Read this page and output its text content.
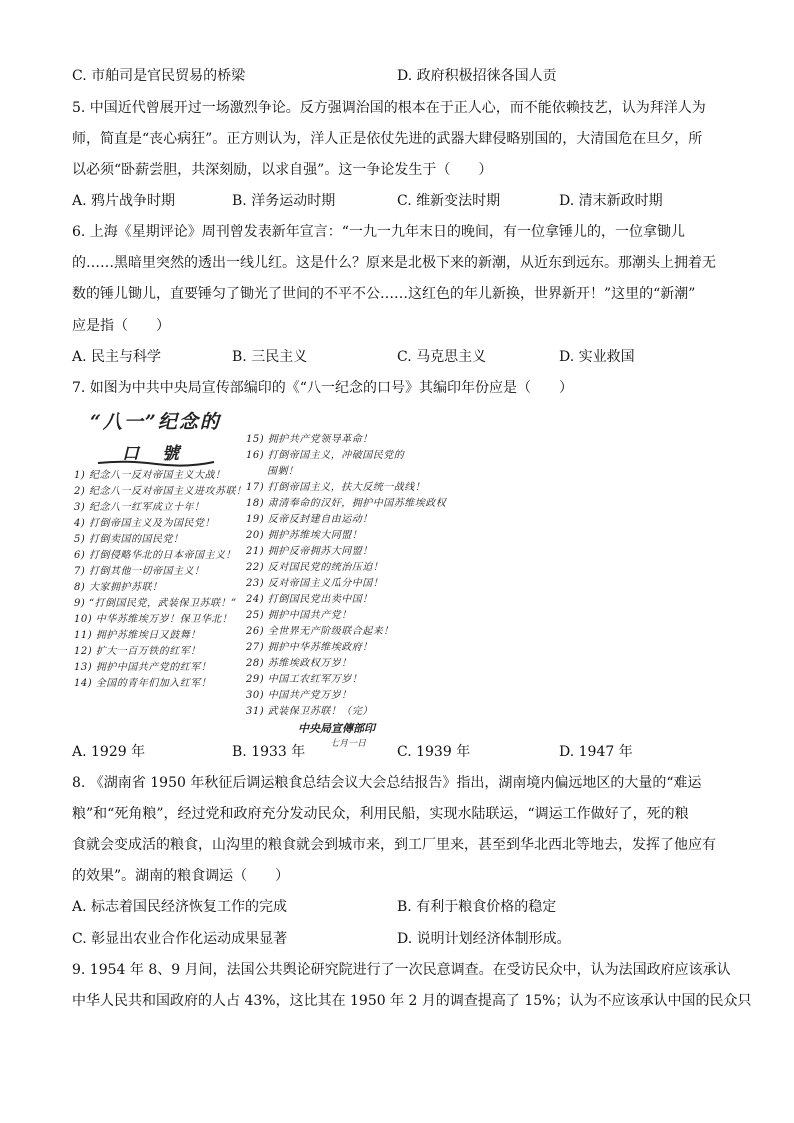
C. 市舶司是官民贸易的桥梁	D. 政府积极招徕各国人贡
5. 中国近代曾展开过一场激烈争论。反方强调治国的根本在于正人心，而不能依赖技艺，认为拜洋人为
师，简直是“丧心病狂”。正方则认为，洋人正是依仗先进的武器大肆侵略别国的，大清国危在旦夕，所
以必须“卧薪尝胆，共深刻励，以求自强”。这一争论发生于（　　）
A. 鸦片战争时期	B. 洋务运动时期	C. 维新变法时期	D. 清末新政时期
6. 上海《星期评论》周刊曾发表新年宣言：“一九一九年末日的晚间，有一位拿锤儿的，一位拿锄儿
的……黑暗里突然的透出一线儿红。这是什么？原来是北极下来的新潮，从近东到远东。那潮头上拥着无
数的锤儿锄儿，直要锤匀了锄光了世间的不平不公……这红色的年儿新换，世界新开！”这里的“新潮”
应是指（　　）
A. 民主与科学	B. 三民主义	C. 马克思主义	D. 实业救国
7. 如图为中共中央局宣传部编印的《“八一纪念的口号》其编印年份应是（　　）
“八一”纪念的
口　號
1) 纪念八一反对帝国主义大战！
2) 纪念八一反对帝国主义进攻苏联！
3) 纪念八一红军成立十年！
4) 打倒帝国主义及为国民党！
5) 打倒卖国的国民党！
6) 打倒侵略华北的日本帝国主义！
7) 打倒其他一切帝国主义！
8) 大家拥护苏联！
9) “打倒国民党，武装保卫苏联！”
10) 中华苏维埃万岁！保卫华北！
11) 拥护苏维埃日又鼓舞！
12) 扩大一百万铁的红军！
13) 拥护中国共产党的红军！
14) 全国的青年们加入红军！
15) 拥护共产党领导革命！
16) 打倒帝国主义，冲破国民党的
　　围剿！
17) 打倒帝国主义，扶大反统一战线！
18) 肃清奉命的汉奸，拥护中国苏维埃政权
19) 反帝反封建自由运动！
20) 拥护苏维埃大同盟！
21) 拥护反帝拥苏大同盟！
22) 反对国民党的统治压迫！
23) 反对帝国主义瓜分中国！
24) 打倒国民党出卖中国！
25) 拥护中国共产党！
26) 全世界无产阶级联合起来！
27) 拥护中华苏维埃政府！
28) 苏维埃政权万岁！
29) 中国工农红军万岁！
30) 中国共产党万岁！
31) 武装保卫苏联！（完）
中央局宣傳部印
七月一日
A. 1929 年	B. 1933 年	C. 1939 年	D. 1947 年
8. 《湖南省 1950 年秋征后调运粮食总结会议大会总结报告》指出，湖南境内偏远地区的大量的“难运
粮”和“死角粮”，经过党和政府充分发动民众，利用民船，实现水陆联运，“调运工作做好了，死的粮
食就会变成活的粮食，山沟里的粮食就会到城市来，到工厂里来，甚至到华北西北等地去，发挥了他应有
的效果”。湖南的粮食调运（　　）
A. 标志着国民经济恢复工作的完成	B. 有利于粮食价格的稳定
C. 彰显出农业合作化运动成果显著	D. 说明计划经济体制形成。
9. 1954 年 8、9 月间，法国公共舆论研究院进行了一次民意调查。在受访民众中，认为法国政府应该承认
中华人民共和国政府的人占 43%，这比其在 1950 年 2 月的调查提高了 15%；认为不应该承认中国的民众只
